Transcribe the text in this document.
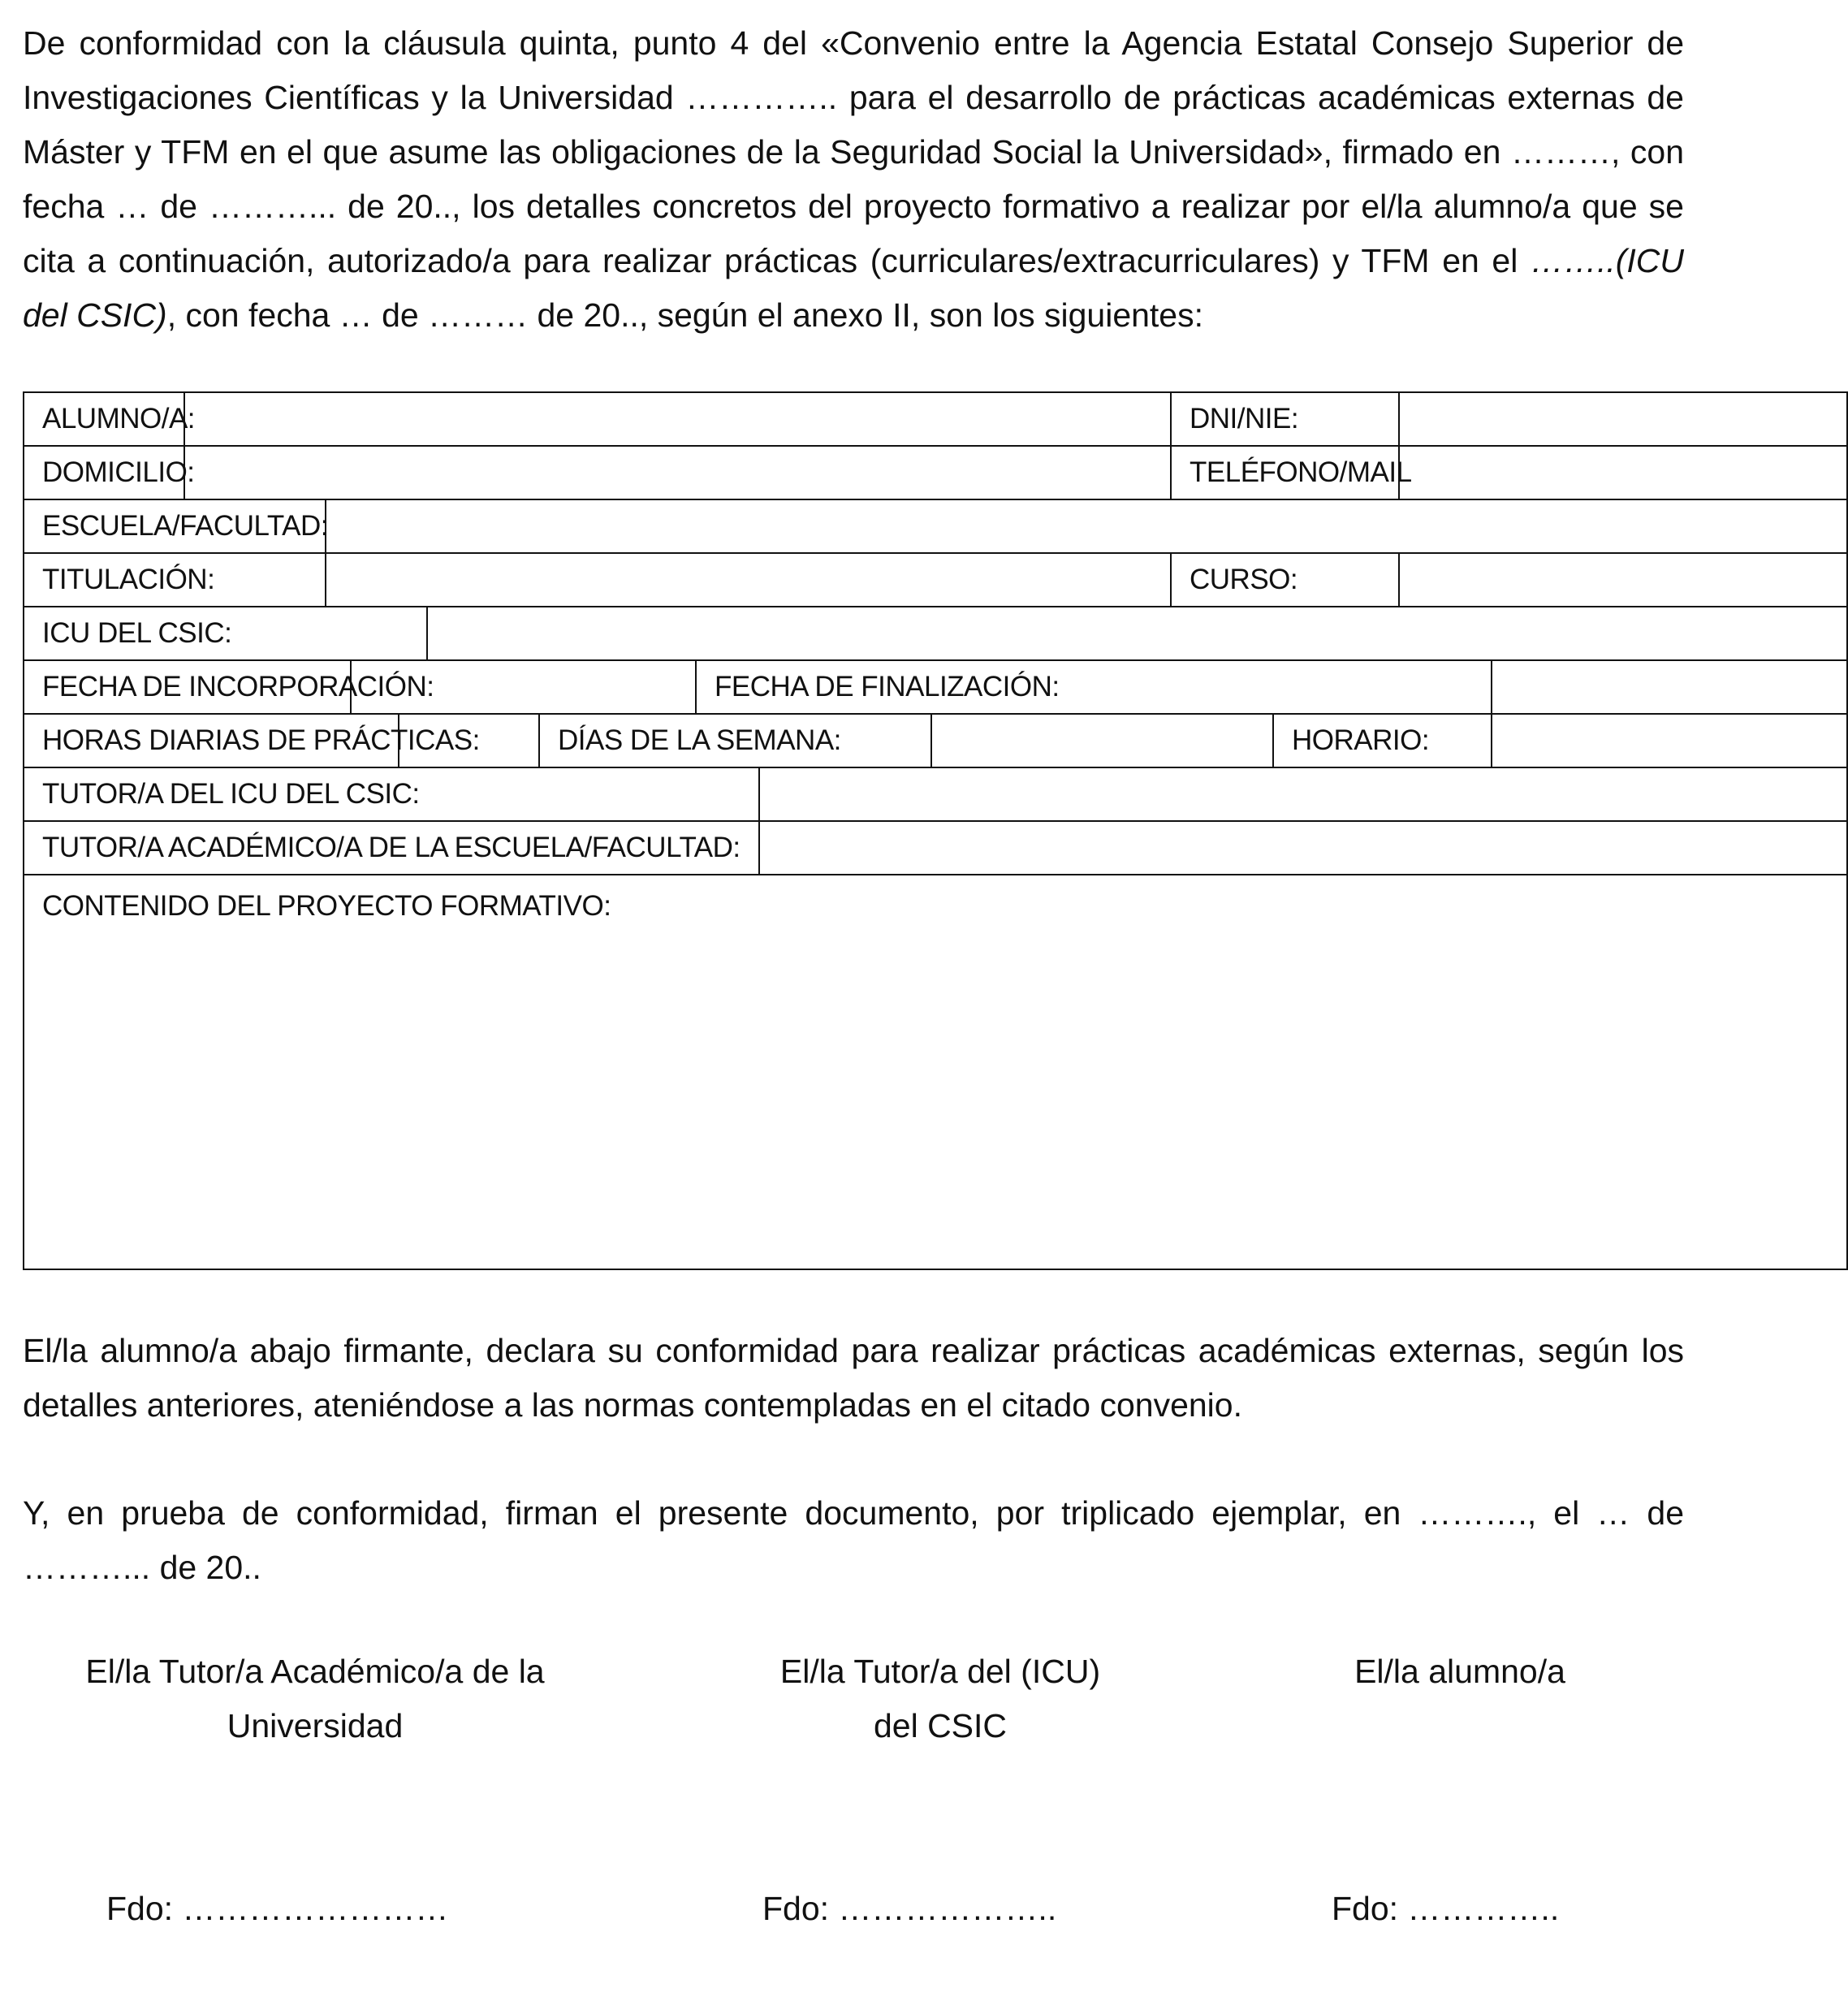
De conformidad con la cláusula quinta, punto 4 del «Convenio entre la Agencia Estatal Consejo Superior de Investigaciones Científicas y la Universidad ………….. para el desarrollo de prácticas académicas externas de Máster y TFM en el que asume las obligaciones de la Seguridad Social la Universidad», firmado en ………, con fecha … de ………... de 20.., los detalles concretos del proyecto formativo a realizar por el/la alumno/a que se cita a continuación, autorizado/a para realizar prácticas (curriculares/extracurriculares) y TFM en el ……..(ICU del CSIC), con fecha … de ……… de 20.., según el anexo II, son los siguientes:

ALUMNO/A:										DNI/NIE:			
DOMICILIO:										TELÉFONO/MAIL			
ESCUELA/FACULTAD:													
TITULACIÓN:										CURSO:			
ICU DEL CSIC:													
FECHA DE INCORPORACIÓN:							FECHA DE FINALIZACIÓN:						
HORAS DIARIAS DE PRÁCTICAS:						DÍAS DE LA SEMANA:					HORARIO:		
TUTOR/A DEL ICU DEL CSIC:													
TUTOR/A ACADÉMICO/A DE LA ESCUELA/FACULTAD:													
CONTENIDO DEL PROYECTO FORMATIVO:													

El/la alumno/a abajo firmante, declara su conformidad para realizar prácticas académicas externas, según los detalles anteriores, ateniéndose a las normas contempladas en el citado convenio.

Y, en prueba de conformidad, firman el presente documento, por triplicado ejemplar, en ………., el … de ………... de 20..

El/la Tutor/a Académico/a de la
Universidad
El/la Tutor/a del (ICU)
del CSIC
El/la alumno/a
Fdo: ……………………	Fdo: ………………..	Fdo: …………..
